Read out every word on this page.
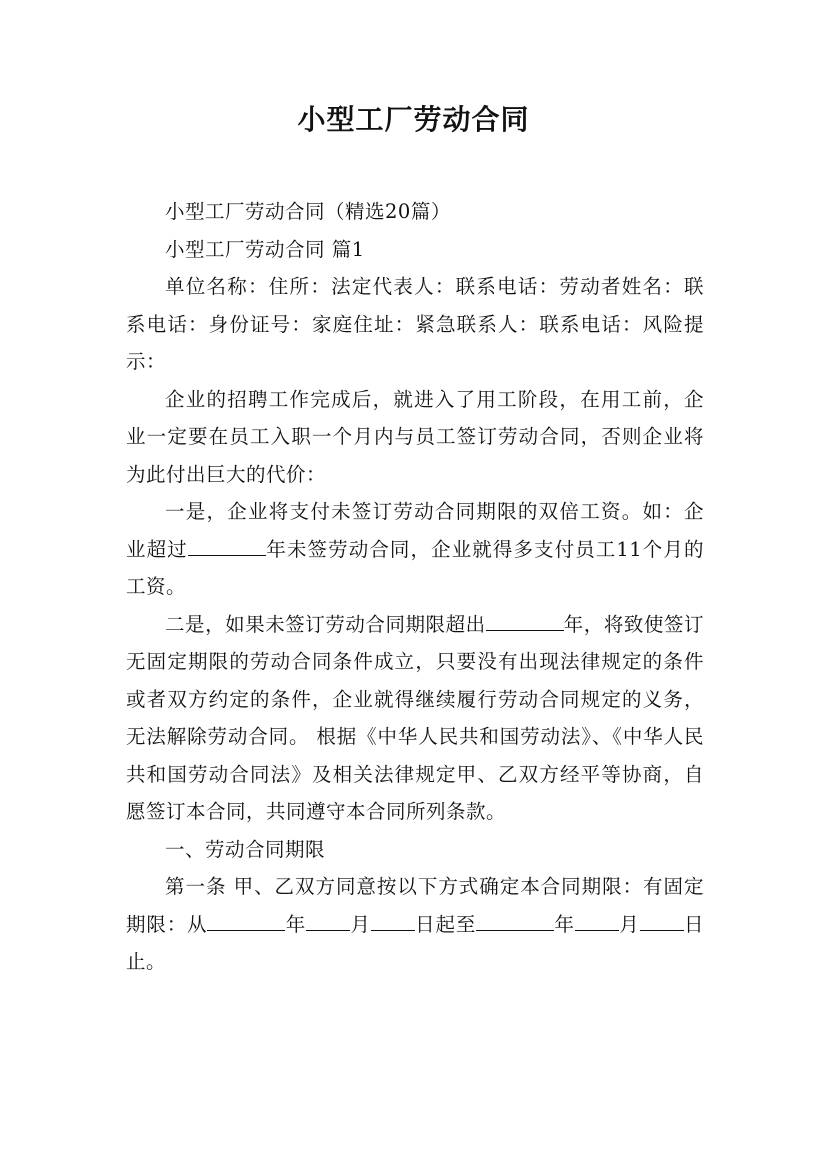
小型工厂劳动合同

小型工厂劳动合同（精选20篇）

小型工厂劳动合同 篇1

单位名称：住所：法定代表人：联系电话：劳动者姓名：联系电话：身份证号：家庭住址：紧急联系人：联系电话：风险提示：

企业的招聘工作完成后，就进入了用工阶段，在用工前，企业一定要在员工入职一个月内与员工签订劳动合同，否则企业将为此付出巨大的代价：

一是，企业将支付未签订劳动合同期限的双倍工资。如：企业超过	年未签劳动合同，企业就得多支付员工11个月的工资。

二是，如果未签订劳动合同期限超出	年，将致使签订无固定期限的劳动合同条件成立，只要没有出现法律规定的条件或者双方约定的条件，企业就得继续履行劳动合同规定的义务，无法解除劳动合同。 根据《中华人民共和国劳动法》、《中华人民共和国劳动合同法》及相关法律规定甲、乙双方经平等协商，自愿签订本合同，共同遵守本合同所列条款。

一、劳动合同期限

第一条 甲、乙双方同意按以下方式确定本合同期限：有固定期限：从	年 月 日起至	年 月 日止。
